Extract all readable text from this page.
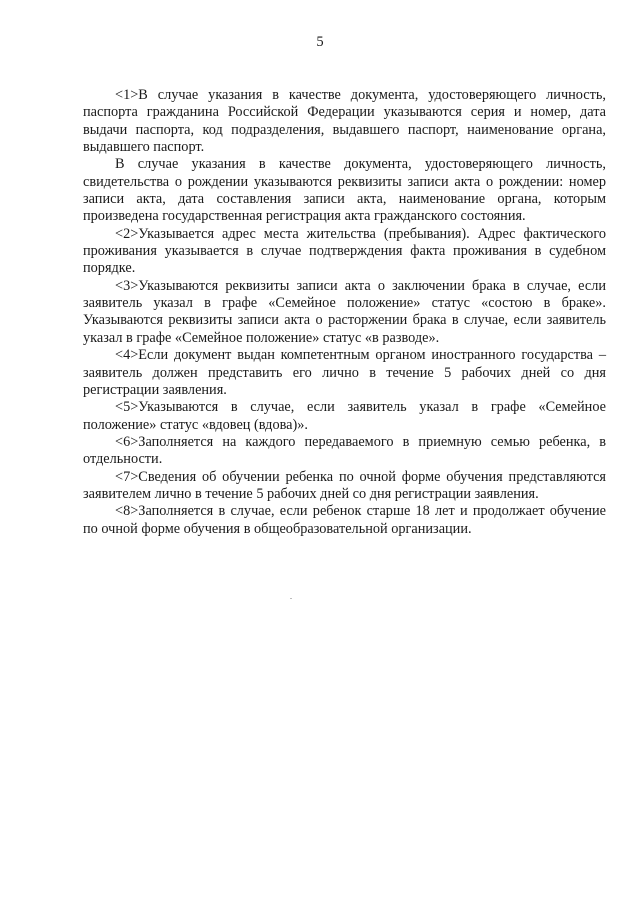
5

<1>В случае указания в качестве документа, удостоверяющего личность, паспорта гражданина Российской Федерации указываются серия и номер, дата выдачи паспорта, код подразделения, выдавшего паспорт, наименование органа, выдавшего паспорт.

В случае указания в качестве документа, удостоверяющего личность, свидетельства о рождении указываются реквизиты записи акта о рождении: номер записи акта, дата составления записи акта, наименование органа, которым произведена государственная регистрация акта гражданского состояния.

<2>Указывается адрес места жительства (пребывания). Адрес фактического проживания указывается в случае подтверждения факта проживания в судебном порядке.

<3>Указываются реквизиты записи акта о заключении брака в случае, если заявитель указал в графе «Семейное положение» статус «состою в браке». Указываются реквизиты записи акта о расторжении брака в случае, если заявитель указал в графе «Семейное положение» статус «в разводе».

<4>Если документ выдан компетентным органом иностранного государства – заявитель должен представить его лично в течение 5 рабочих дней со дня регистрации заявления.

<5>Указываются в случае, если заявитель указал в графе «Семейное положение» статус «вдовец (вдова)».

<6>Заполняется на каждого передаваемого в приемную семью ребенка, в отдельности.

<7>Сведения об обучении ребенка по очной форме обучения представляются заявителем лично в течение 5 рабочих дней со дня регистрации заявления.

<8>Заполняется в случае, если ребенок старше 18 лет и продолжает обучение по очной форме обучения в общеобразовательной организации.
